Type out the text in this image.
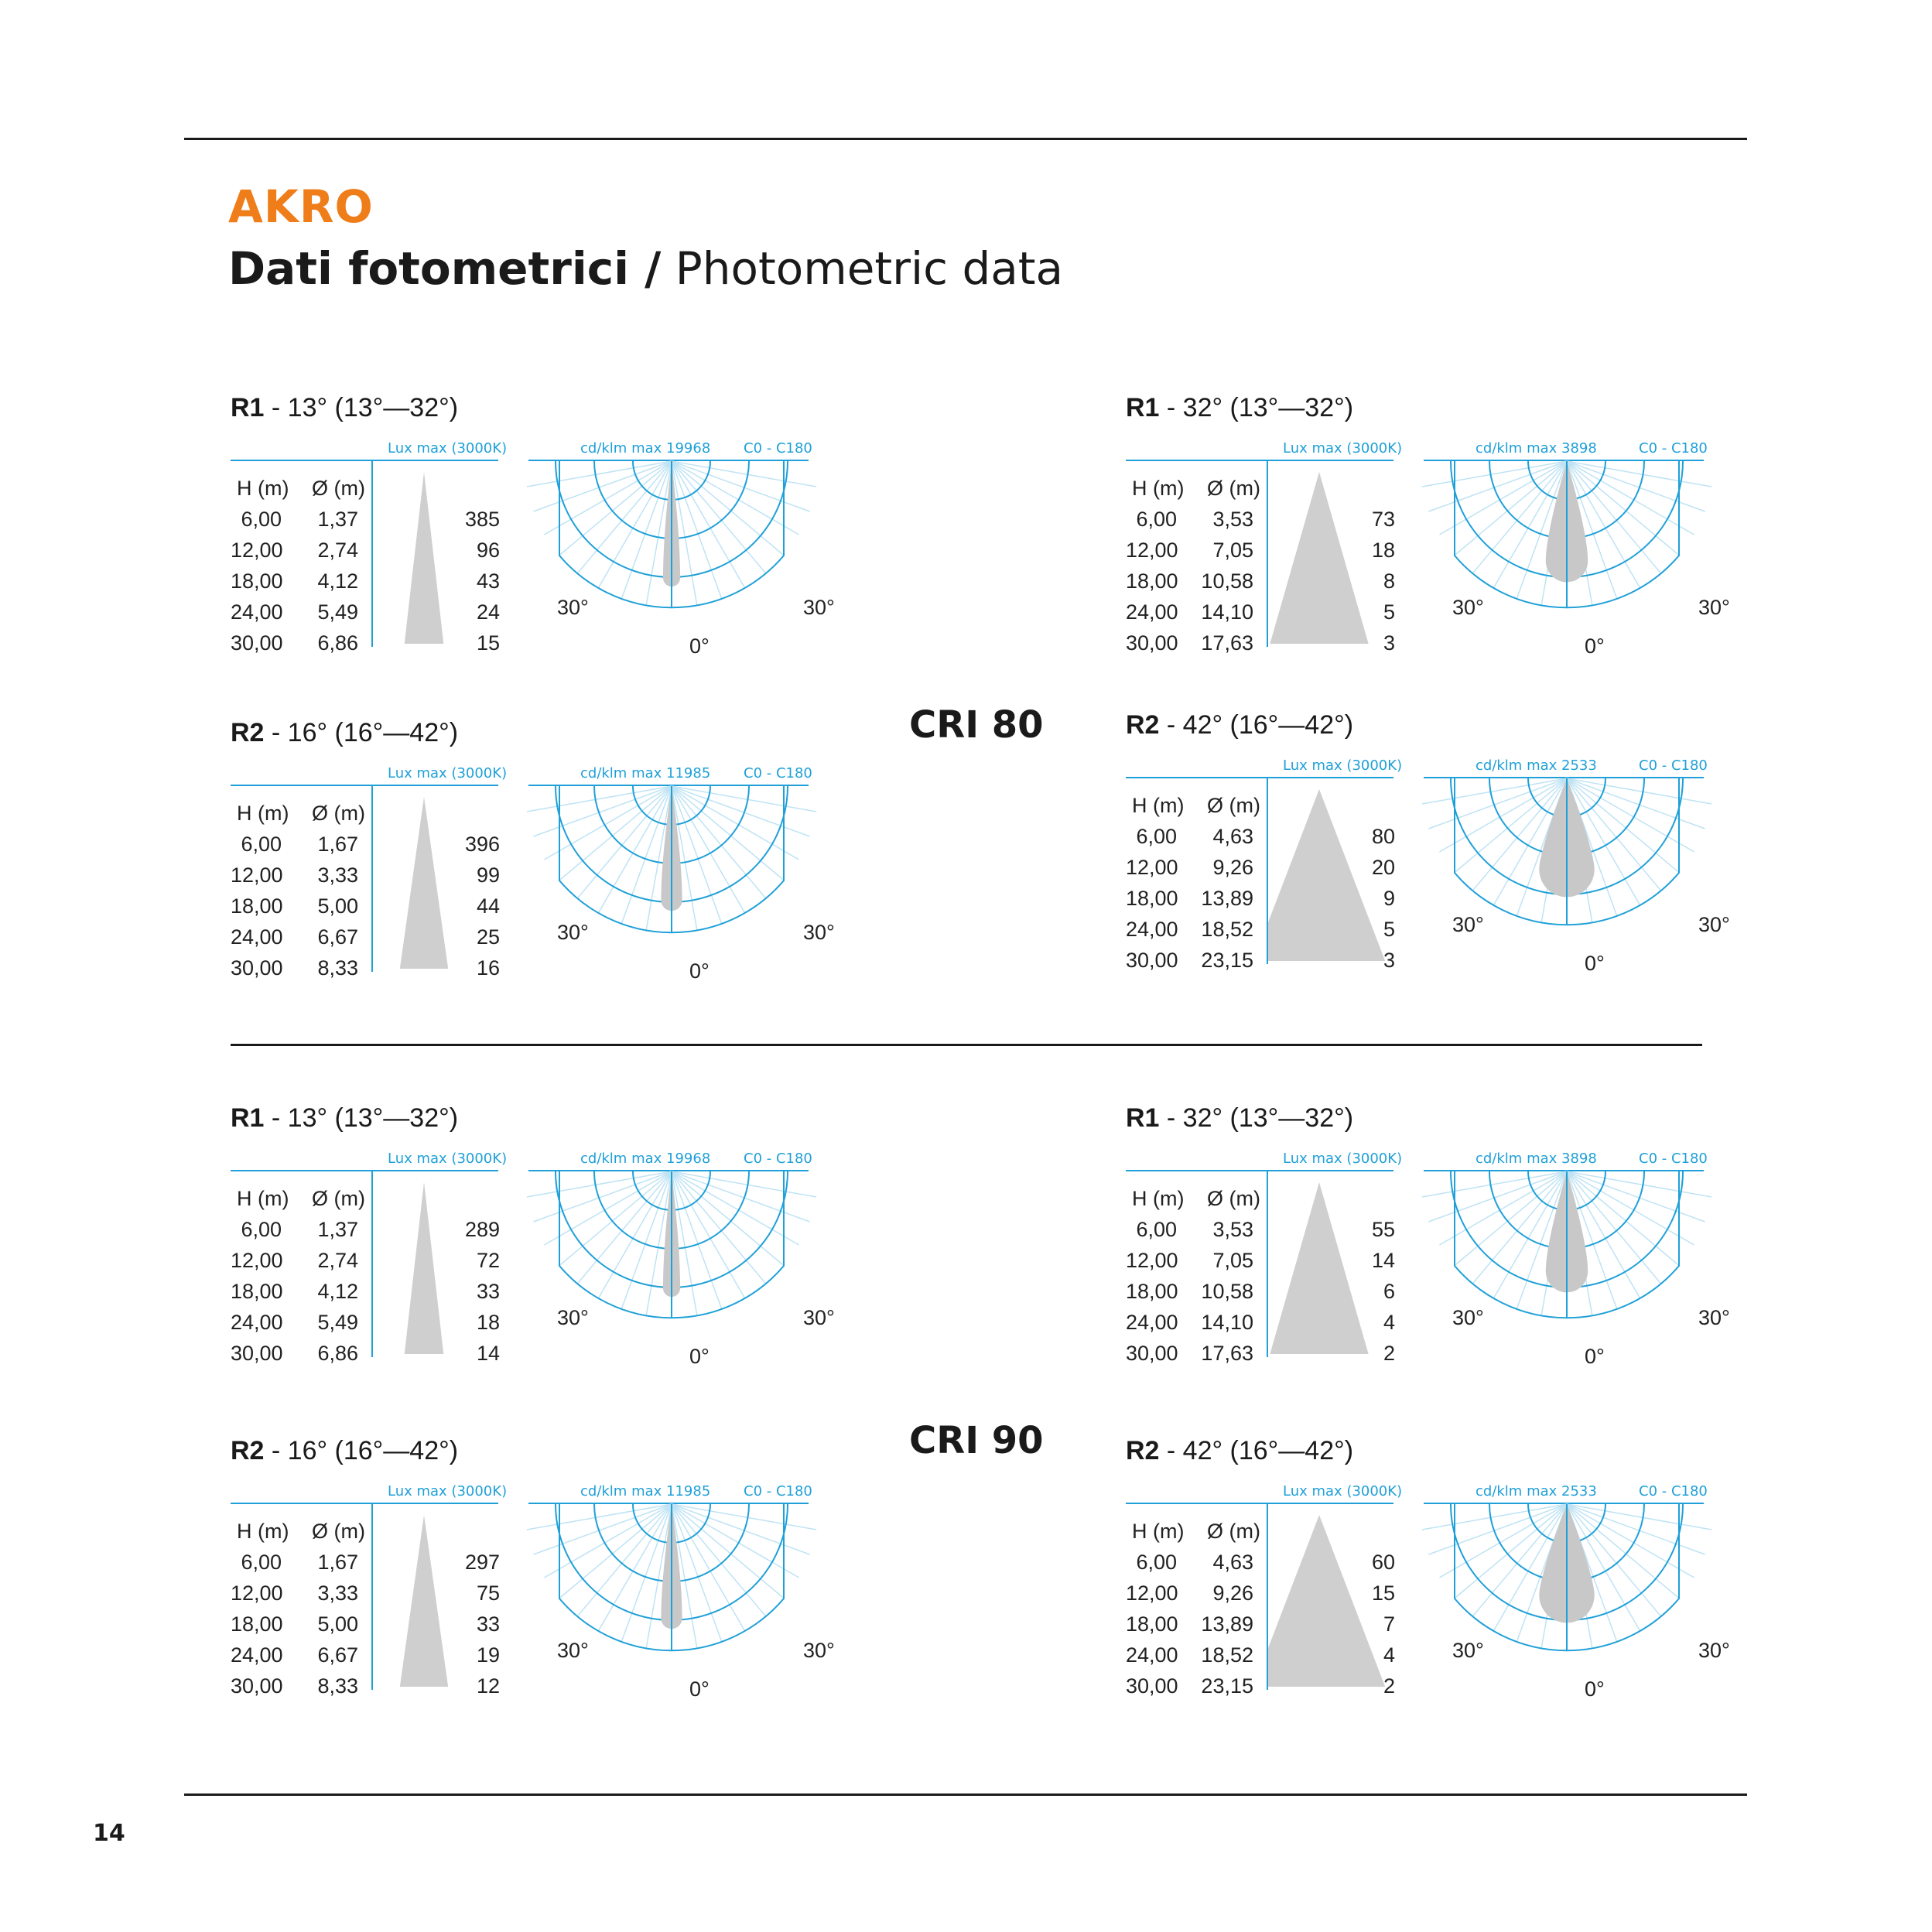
AKRO
Dati fotometrici / Photometric data
CRI 80
CRI 90
14
R1 - 13° (13°—32°)
Lux max (3000K)
H (m) Ø (m)
6,00	1,37	385
12,00	2,74	96
18,00	4,12	43
24,00	5,49	24
30,00	6,86	15
cd/klm max 19968 C0 - C180
30°	30°
0°
R1 - 32° (13°—32°)
Lux max (3000K)
H (m) Ø (m)
6,00	3,53	73
12,00	7,05	18
18,00 10,58	8
24,00 14,10	5
30,00 17,63	3
cd/klm max 3898	C0 - C180
30°	30°
0°
R2 - 16° (16°—42°)
Lux max (3000K)
H (m) Ø (m)
6,00	1,67	396
12,00	3,33	99
18,00	5,00	44
24,00	6,67	25
30,00	8,33	16
cd/klm max 11985 C0 - C180
30°	30°
0°
R2 - 42° (16°—42°)
Lux max (3000K)
H (m) Ø (m)
6,00	4,63	80
12,00	9,26	20
18,00 13,89	9
24,00 18,52	5
30,00 23,15	3
cd/klm max 2533	C0 - C180
30°	30°
0°
R1 - 13° (13°—32°)
Lux max (3000K)
H (m) Ø (m)
6,00	1,37	289
12,00	2,74	72
18,00	4,12	33
24,00	5,49	18
30,00	6,86	14
cd/klm max 19968 C0 - C180
30°	30°
0°
R1 - 32° (13°—32°)
Lux max (3000K)
H (m) Ø (m)
6,00	3,53	55
12,00	7,05	14
18,00 10,58	6
24,00 14,10	4
30,00 17,63	2
cd/klm max 3898	C0 - C180
30°	30°
0°
R2 - 16° (16°—42°)
Lux max (3000K)
H (m) Ø (m)
6,00	1,67	297
12,00	3,33	75
18,00	5,00	33
24,00	6,67	19
30,00	8,33	12
cd/klm max 11985 C0 - C180
30°	30°
0°
R2 - 42° (16°—42°)
Lux max (3000K)
H (m) Ø (m)
6,00	4,63	60
12,00	9,26	15
18,00 13,89	7
24,00 18,52	4
30,00 23,15	2
cd/klm max 2533	C0 - C180
30°	30°
0°
